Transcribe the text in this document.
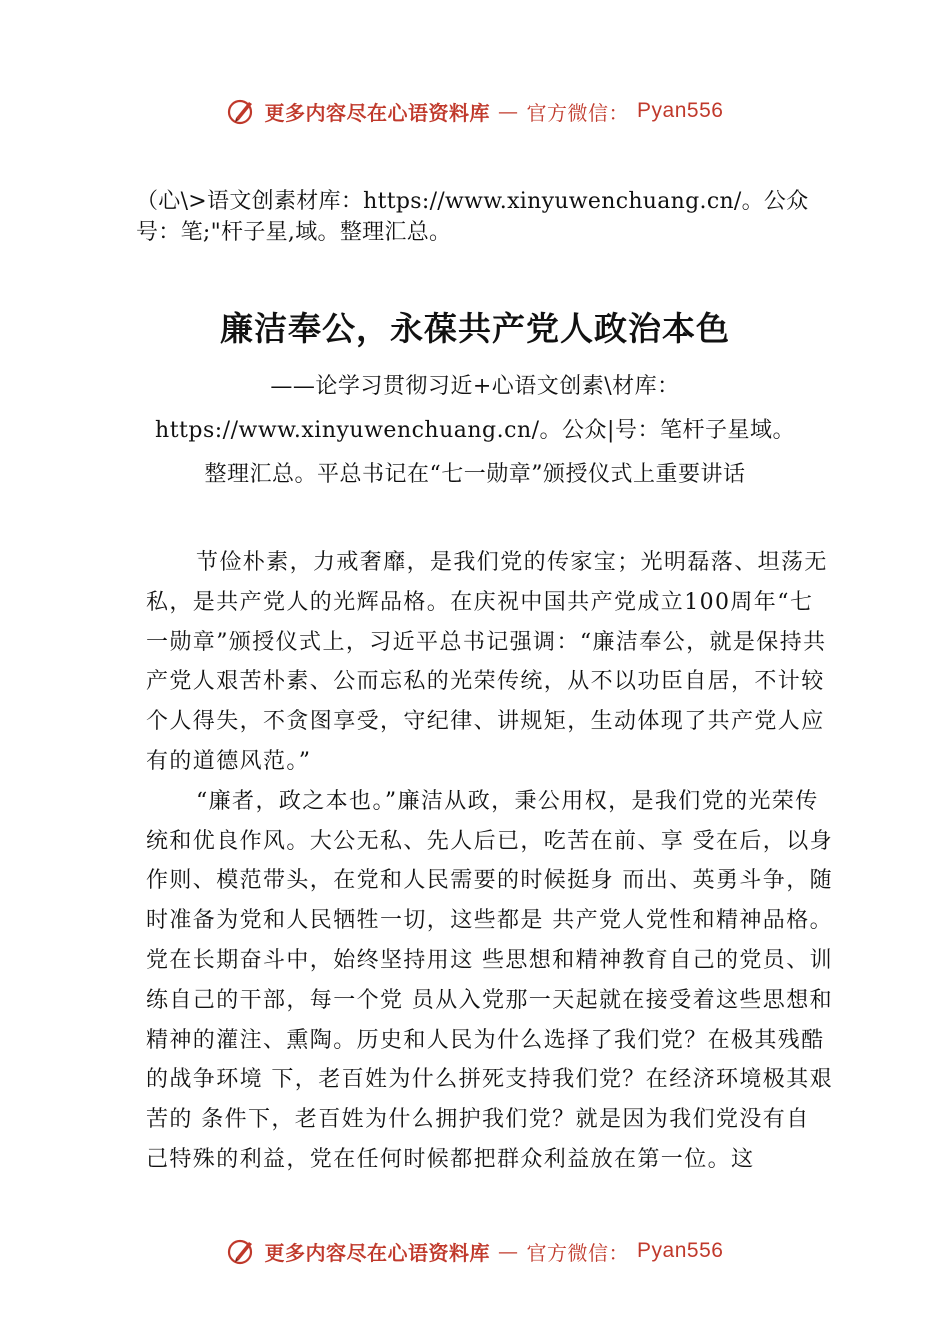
更多内容尽在心语资料库 — 官方微信： Pyan556
（心\>语文创素材库：https://www.xinyuwenchuang.cn/。公众号：笔;"杆子星,域。整理汇总。
廉洁奉公，永葆共产党人政治本色
——论学习贯彻习近+心语文创素\材库：https://www.xinyuwenchuang.cn/。公众|号：笔杆子星域。整理汇总。平总书记在“七一勋章”颁授仪式上重要讲话

节俭朴素，力戒奢靡，是我们党的传家宝；光明磊落、坦荡无私，是共产党人的光辉品格。在庆祝中国共产党成立100周年“七一勋章”颁授仪式上，习近平总书记强调：“廉洁奉公，就是保持共产党人艰苦朴素、公而忘私的光荣传统，从不以功臣自居，不计较个人得失，不贪图享受，守纪律、讲规矩，生动体现了共产党人应有的道德风范。”

“廉者，政之本也。”廉洁从政，秉公用权，是我们党的光荣传统和优良作风。大公无私、先人后已，吃苦在前、享 受在后，以身作则、模范带头，在党和人民需要的时候挺身 而出、英勇斗争，随时准备为党和人民牺牲一切，这些都是 共产党人党性和精神品格。党在长期奋斗中，始终坚持用这 些思想和精神教育自己的党员、训练自己的干部，每一个党 员从入党那一天起就在接受着这些思想和精神的灌注、熏陶。历史和人民为什么选择了我们党？在极其残酷的战争环境 下，老百姓为什么拼死支持我们党？在经济环境极其艰苦的 条件下，老百姓为什么拥护我们党？就是因为我们党没有自 己特殊的利益，党在任何时候都把群众利益放在第一位。这

更多内容尽在心语资料库 — 官方微信： Pyan556
